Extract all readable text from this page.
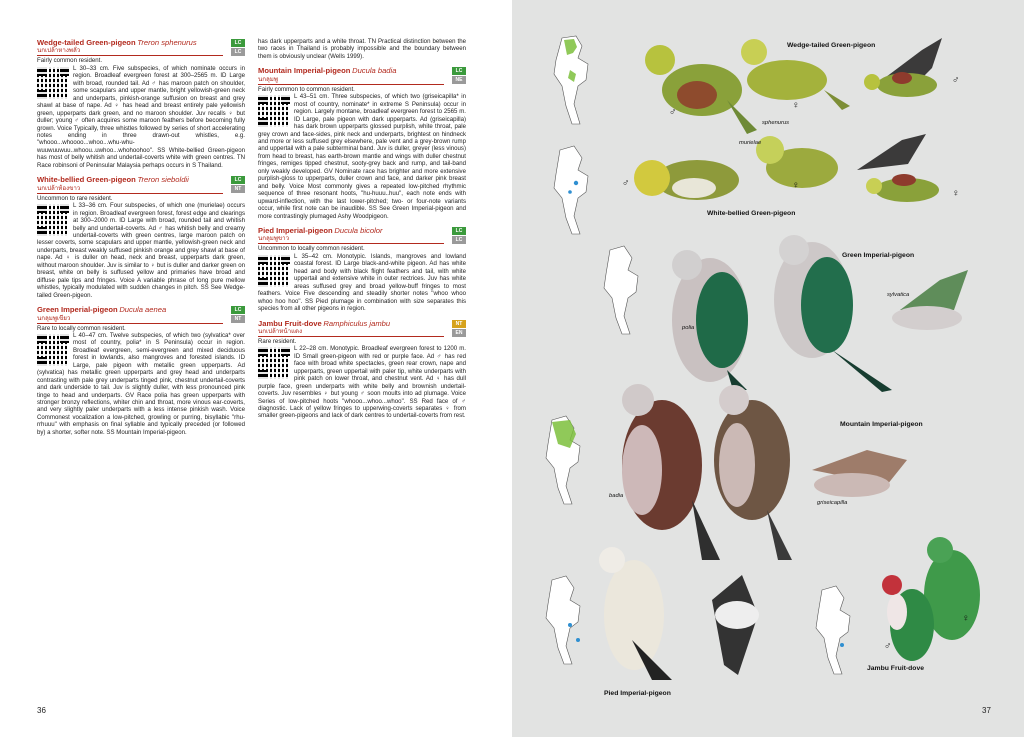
Wedge-tailed Green-pigeon Treron sphenurus
นกเปล้าหางพลั่ว
LC
LC
Fairly common resident.

L 30–33 cm. Five subspecies, of which nominate occurs in region. Broadleaf evergreen forest at 300–2565 m. ID Large with broad, rounded tail. Ad ♂ has maroon patch on shoulder, some scapulars and upper mantle, bright yellowish-green neck and underparts, pinkish-orange suffusion on breast and grey shawl at base of nape. Ad ♀ has head and breast entirely pale yellowish green, upperparts dark green, and no maroon shoulder. Juv recalls ♀ but duller; young ♂ often acquires some maroon feathers before becoming fully grown. Voice Typically, three whistles followed by series of short accelerating notes ending in three drawn-out whistles, e.g. "whooo...whoooo...whoo...whu-whu-wuuwuuwuu..whoou..uwhoo...whohoohoo". SS White-bellied Green-pigeon has most of belly whitish and undertail-coverts white with green centres. TN Race robinsoni of Peninsular Malaysia perhaps occurs in S Thailand.

White-bellied Green-pigeon Treron sieboldii
นกเปล้าท้องขาว
LC
NT
Uncommon to rare resident.

L 33–36 cm. Four subspecies, of which one (murielae) occurs in region. Broadleaf evergreen forest, forest edge and clearings at 300–2000 m. ID Large with broad, rounded tail and whitish belly and undertail-coverts. Ad ♂ has whitish belly and creamy undertail-coverts with green centres, large maroon patch on lesser coverts, some scapulars and upper mantle, yellowish-green neck and underparts, breast weakly suffused pinkish orange and grey shawl at base of nape. Ad ♀ is duller on head, neck and breast, upperparts dark green, without maroon shoulder. Juv is similar to ♀ but is duller and darker green on breast, white on belly is suffused yellow and primaries have broad and diffuse pale tips and fringes. Voice A variable phrase of long pure mellow whistles, typically modulated with sudden changes in pitch. SS See Wedge-tailed Green-pigeon.

Green Imperial-pigeon Ducula aenea
นกลุมพูเขียว
LC
NT
Rare to locally common resident.

L 40–47 cm. Twelve subspecies, of which two (sylvatica* over most of country, polia* in S Peninsula) occur in region. Broadleaf evergreen, semi-evergreen and mixed deciduous forest in lowlands, also mangroves and forested islands. ID Large, pale pigeon with metallic green upperparts. Ad (sylvatica) has metallic green upperparts and grey head and underparts contrasting with pale grey underparts tinged pink, chestnut undertail-coverts and dark underside to tail. Juv is slightly duller, with less pronounced pink tinge to head and underparts. GV Race polia has green upperparts with stronger bronzy reflections, whiter chin and throat, more vinous ear-coverts, and very slightly paler underparts with a less intense pinkish wash. Voice Commonest vocalization a low-pitched, growling or purring, bisyllabic "rhu-rrhuuu" with emphasis on final syllable and typically preceded (or followed by) a shorter, softer note. SS Mountain Imperial-pigeon.

has dark upperparts and a white throat. TN Practical distinction between the two races in Thailand is probably impossible and the boundary between them is obviously unclear (Wells 1999).

Mountain Imperial-pigeon Ducula badia
นกลุมพู
LC
NE
Fairly common to common resident.

L 43–51 cm. Three subspecies, of which two (griseicapilla* in most of country, nominate* in extreme S Peninsula) occur in region. Largely montane, broadleaf evergreen forest to 2565 m. ID Large, pale pigeon with dark upperparts. Ad (griseicapilla) has dark brown upperparts glossed purplish, white throat, pale grey crown and face-sides, pink neck and underparts, brightest on hindneck and more or less suffused grey elsewhere, pale vent and a grey-brown rump and uppertail with a pale subterminal band. Juv is duller, greyer (less vinous) from head to breast, has earth-brown mantle and wings with duller chestnut fringes, remiges tipped chestnut, sooty-grey back and rump, and tail-band only weakly developed. GV Nominate race has brighter and more extensive purplish-gloss to upperparts, duller crown and face, and darker pink breast and belly. Voice Most commonly gives a repeated low-pitched rhythmic sequence of three resonant hoots, "hu-huuu..huu", each note ends with upward-inflection, with the last lower-pitched; two- or four-note variants occur, while first note can be inaudible. SS See Green Imperial-pigeon and more contrastingly plumaged Ashy Woodpigeon.

Pied Imperial-pigeon Ducula bicolor
นกลุมพูขาว
LC
LC
Uncommon to locally common resident.

L 35–42 cm. Monotypic. Islands, mangroves and lowland coastal forest. ID Large black-and-white pigeon. Ad has white head and body with black flight feathers and tail, with white uppertail and extensive white in outer rectrices. Juv has white areas suffused grey and broad yellow-buff fringes to most feathers. Voice Five descending and steadily shorter notes "whoo whoo whoo hoo hoo". SS Pied plumage in combination with size separates this species from all other pigeons in region.

Jambu Fruit-dove Ramphiculus jambu
นกเปล้าหน้าแดง
NT
EN
Rare resident.

L 22–28 cm. Monotypic. Broadleaf evergreen forest to 1200 m. ID Small green-pigeon with red or purple face. Ad ♂ has red face with broad white spectacles, green rear crown, nape and upperparts, green uppertail with paler tip, white underparts with pink patch on lower throat, and chestnut vent. Ad ♀ has dull purple face, green underparts with white belly and brownish undertail-coverts. Juv resembles ♀ but young ♂ soon moults into ad plumage. Voice Series of low-pitched hoots "whooo...whoo...whoo". SS Red face of ♂ diagnostic. Lack of yellow fringes to upperwing-coverts separates ♀ from smaller green-pigeons and lack of dark centres to undertail-coverts from rest.

36
Wedge-tailed Green-pigeon
sphenurus
murielae
White-bellied Green-pigeon
Green Imperial-pigeon
polia
sylvatica
Mountain Imperial-pigeon
badia
griseicapilla
Pied Imperial-pigeon
Jambu Fruit-dove
♂
♀
♂
♂	♀
♀
♀
♂
37
